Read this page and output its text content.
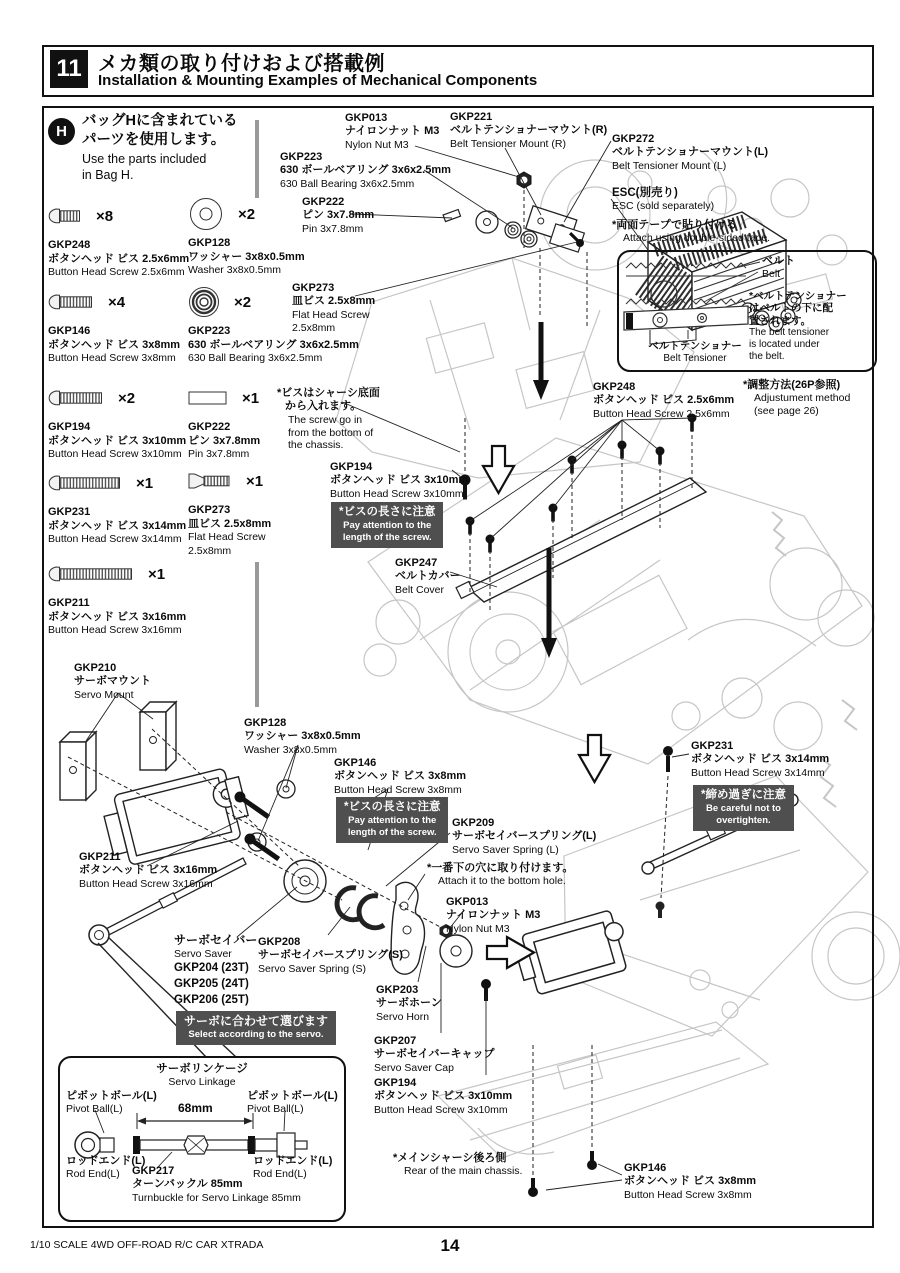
11 メカ類の取り付けおよび搭載例
Installation & Mounting Examples of Mechanical Components
H
バッグHに含まれている
パーツを使用します。
Use the parts included
in Bag H.
×8
GKP248
ボタンヘッド ビス 2.5x6mm
Button Head Screw 2.5x6mm
×2
GKP128
ワッシャー 3x8x0.5mm
Washer 3x8x0.5mm
×4
GKP146
ボタンヘッド ビス 3x8mm
Button Head Screw 3x8mm
×2
GKP223
630 ボールベアリング 3x6x2.5mm
630 Ball Bearing 3x6x2.5mm
×2
GKP194
ボタンヘッド ビス 3x10mm
Button Head Screw 3x10mm
×1
GKP222
ピン 3x7.8mm
Pin 3x7.8mm
×1
GKP231
ボタンヘッド ビス 3x14mm
Button Head Screw 3x14mm
×1
GKP273
皿ビス 2.5x8mm
Flat Head Screw
2.5x8mm
×1
GKP211
ボタンヘッド ビス 3x16mm
Button Head Screw 3x16mm
GKP013
ナイロンナット M3
Nylon Nut M3
GKP221
ベルトテンショナーマウント(R)
Belt Tensioner Mount (R)	GKP272
ベルトテンショナーマウント(L)
Belt Tensioner Mount (L)
GKP223
630 ボールベアリング 3x6x2.5mm
630 Ball Bearing 3x6x2.5mm
GKP222
ピン 3x7.8mm
Pin 3x7.8mm
ESC(別売り)
ESC (sold separately)
*両面テープで貼り付ける
Attach using double-sided tape.
GKP273
皿ビス 2.5x8mm
Flat Head Screw
2.5x8mm
*ビスはシャーシ底面
から入れます。
The screw go in
from the bottom of
the chassis.
GKP248
ボタンヘッド ビス 2.5x6mm
Button Head Screw 2.5x6mm
*調整方法(26P参照)
Adjustument method
(see page 26)
GKP194
ボタンヘッド ビス 3x10mm
Button Head Screw 3x10mm
*ビスの長さに注意
Pay attention to the
length of the screw.
GKP247
ベルトカバー
Belt Cover
GKP210
サーボマウント
Servo Mount
GKP128
ワッシャー 3x8x0.5mm
Washer 3x8x0.5mm
GKP146
ボタンヘッド ビス 3x8mm
Button Head Screw 3x8mm
*ビスの長さに注意
Pay attention to the
length of the screw.
GKP209
サーボセイバースプリング(L)
Servo Saver Spring (L)
*一番下の穴に取り付けます。
Attach it to the bottom hole.
GKP013
ナイロンナット M3
Nylon Nut M3
GKP211
ボタンヘッド ビス 3x16mm
Button Head Screw 3x16mm
サーボセイバー
Servo Saver
GKP204 (23T)
GKP205 (24T)
GKP206 (25T)
サーボに合わせて選びます
Select according to the servo.
GKP208
サーボセイバースプリング(S)
Servo Saver Spring (S)
GKP203
サーボホーン
Servo Horn
GKP207
サーボセイバーキャップ
Servo Saver Cap
GKP194
ボタンヘッド ビス 3x10mm
Button Head Screw 3x10mm
GKP231
ボタンヘッド ビス 3x14mm
Button Head Screw 3x14mm
*締め過ぎに注意
Be careful not to
overtighten.
*メインシャーシ後ろ側
Rear of the main chassis.	GKP146
ボタンヘッド ビス 3x8mm
Button Head Screw 3x8mm
ベルト
Belt
*ベルトテンショナー
はベルトの下に配
置されます。
The belt tensioner
is located under
the belt.
ベルトテンショナー
Belt Tensioner
サーボリンケージ
Servo Linkage
ピボットボール(L)
Pivot Ball(L)
ピボットボール(L)
Pivot Ball(L)
68mm
ロッドエンド(L)
Rod End(L)
ロッドエンド(L)
Rod End(L)
GKP217
ターンバックル 85mm
Turnbuckle for Servo Linkage 85mm
1/10 SCALE 4WD OFF-ROAD R/C CAR XTRADA	14
